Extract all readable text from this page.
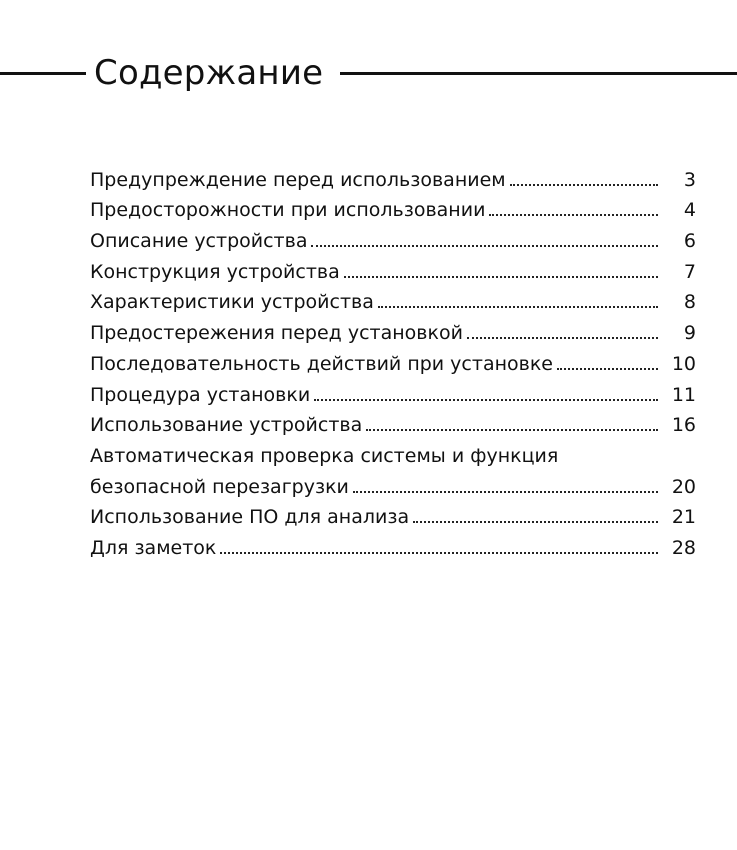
Содержание
Предупреждение перед использованием	3
Предосторожности при использовании	4
Описание устройства	6
Конструкция устройства	7
Характеристики устройства	8
Предостережения перед установкой	9
Последовательность действий при установке	10
Процедура установки	11
Использование устройства	16
Автоматическая проверка системы и функция
безопасной перезагрузки	20
Использование ПО для анализа	21
Для заметок	28
